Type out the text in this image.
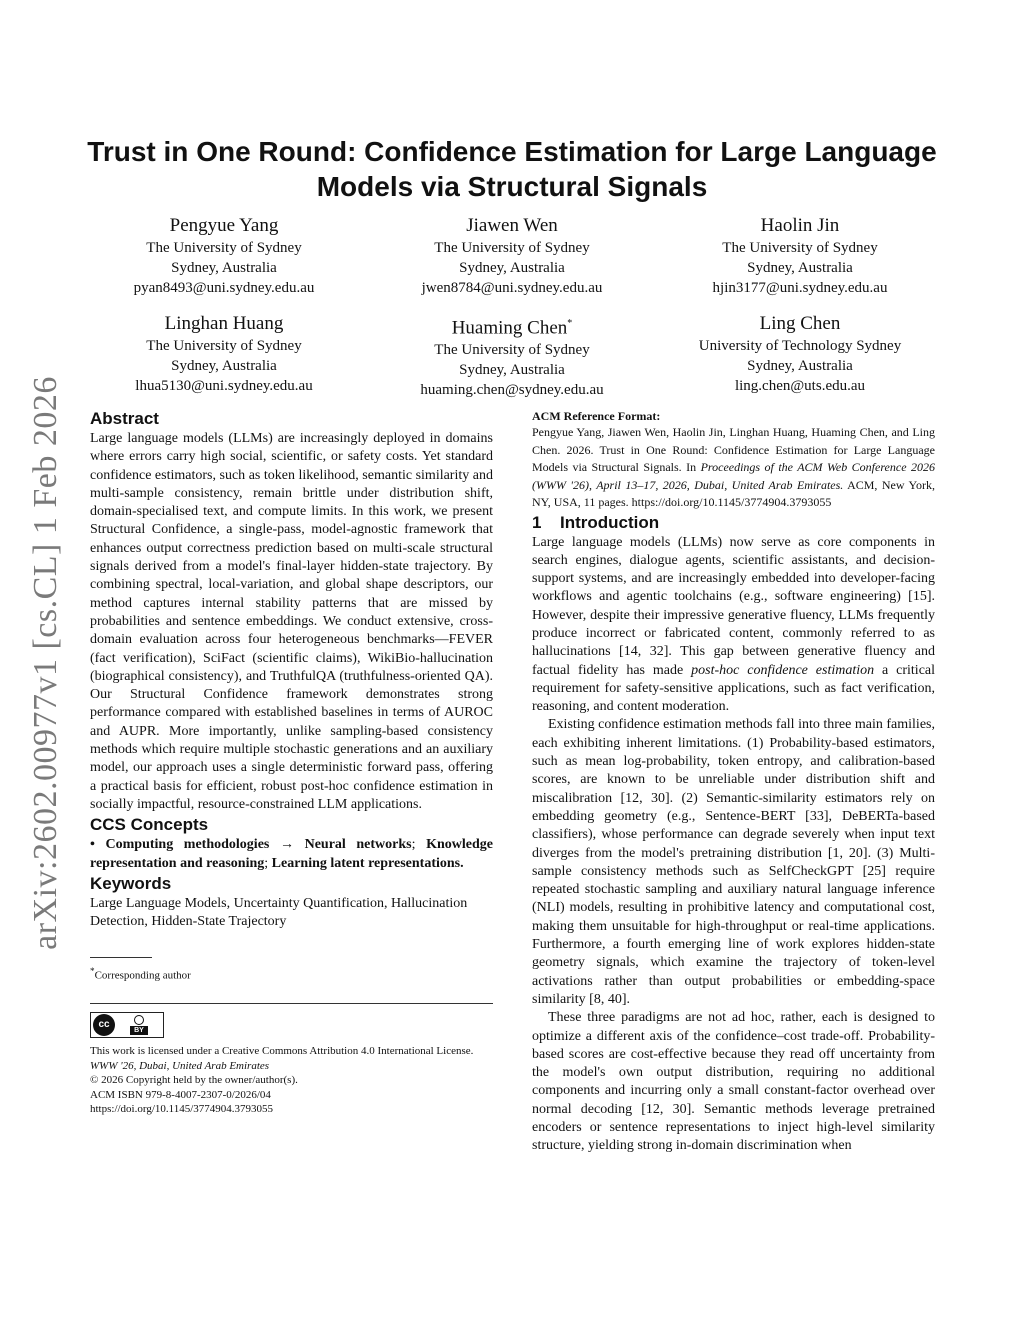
arXiv:2602.00977v1 [cs.CL] 1 Feb 2026
Trust in One Round: Confidence Estimation for Large Language Models via Structural Signals
Pengyue Yang
The University of Sydney
Sydney, Australia
pyan8493@uni.sydney.edu.au
Jiawen Wen
The University of Sydney
Sydney, Australia
jwen8784@uni.sydney.edu.au
Haolin Jin
The University of Sydney
Sydney, Australia
hjin3177@uni.sydney.edu.au
Linghan Huang
The University of Sydney
Sydney, Australia
lhua5130@uni.sydney.edu.au
Huaming Chen*
The University of Sydney
Sydney, Australia
huaming.chen@sydney.edu.au
Ling Chen
University of Technology Sydney
Sydney, Australia
ling.chen@uts.edu.au
Abstract

Large language models (LLMs) are increasingly deployed in domains where errors carry high social, scientific, or safety costs. Yet standard confidence estimators, such as token likelihood, semantic similarity and multi-sample consistency, remain brittle under distribution shift, domain-specialised text, and compute limits. In this work, we present Structural Confidence, a single-pass, model-agnostic framework that enhances output correctness prediction based on multi-scale structural signals derived from a model's final-layer hidden-state trajectory. By combining spectral, local-variation, and global shape descriptors, our method captures internal stability patterns that are missed by probabilities and sentence embeddings. We conduct extensive, cross-domain evaluation across four heterogeneous benchmarks—FEVER (fact verification), SciFact (scientific claims), WikiBio-hallucination (biographical consistency), and TruthfulQA (truthfulness-oriented QA). Our Structural Confidence framework demonstrates strong performance compared with established baselines in terms of AUROC and AUPR. More importantly, unlike sampling-based consistency methods which require multiple stochastic generations and an auxiliary model, our approach uses a single deterministic forward pass, offering a practical basis for efficient, robust post-hoc confidence estimation in socially impactful, resource-constrained LLM applications.

CCS Concepts

• Computing methodologies → Neural networks; Knowledge representation and reasoning; Learning latent representations.

Keywords

Large Language Models, Uncertainty Quantification, Hallucination Detection, Hidden-State Trajectory

*Corresponding author
cc
BY
This work is licensed under a Creative Commons Attribution 4.0 International License.
WWW '26, Dubai, United Arab Emirates
© 2026 Copyright held by the owner/author(s).
ACM ISBN 979-8-4007-2307-0/2026/04
https://doi.org/10.1145/3774904.3793055
ACM Reference Format:

Pengyue Yang, Jiawen Wen, Haolin Jin, Linghan Huang, Huaming Chen, and Ling Chen. 2026. Trust in One Round: Confidence Estimation for Large Language Models via Structural Signals. In Proceedings of the ACM Web Conference 2026 (WWW '26), April 13–17, 2026, Dubai, United Arab Emirates. ACM, New York, NY, USA, 11 pages. https://doi.org/10.1145/3774904.3793055

1 Introduction

Large language models (LLMs) now serve as core components in search engines, dialogue agents, scientific assistants, and decision-support systems, and are increasingly embedded into developer-facing workflows and agentic toolchains (e.g., software engineering) [15]. However, despite their impressive generative fluency, LLMs frequently produce incorrect or fabricated content, commonly referred to as hallucinations [14, 32]. This gap between generative fluency and factual fidelity has made post-hoc confidence estimation a critical requirement for safety-sensitive applications, such as fact verification, reasoning, and content moderation.

Existing confidence estimation methods fall into three main families, each exhibiting inherent limitations. (1) Probability-based estimators, such as mean log-probability, token entropy, and calibration-based scores, are known to be unreliable under distribution shift and miscalibration [12, 30]. (2) Semantic-similarity estimators rely on embedding geometry (e.g., Sentence-BERT [33], DeBERTa-based classifiers), whose performance can degrade severely when input text diverges from the model's pretraining distribution [1, 20]. (3) Multi-sample consistency methods such as SelfCheckGPT [25] require repeated stochastic sampling and auxiliary natural language inference (NLI) models, resulting in prohibitive latency and computational cost, making them unsuitable for high-throughput or real-time applications. Furthermore, a fourth emerging line of work explores hidden-state geometry signals, which examine the trajectory of token-level activations rather than output probabilities or embedding-space similarity [8, 40].

These three paradigms are not ad hoc, rather, each is designed to optimize a different axis of the confidence–cost trade-off. Probability-based scores are cost-effective because they read off uncertainty from the model's own output distribution, requiring no additional components and incurring only a small constant-factor overhead over normal decoding [12, 30]. Semantic methods leverage pretrained encoders or sentence representations to inject high-level similarity structure, yielding strong in-domain discrimination when
